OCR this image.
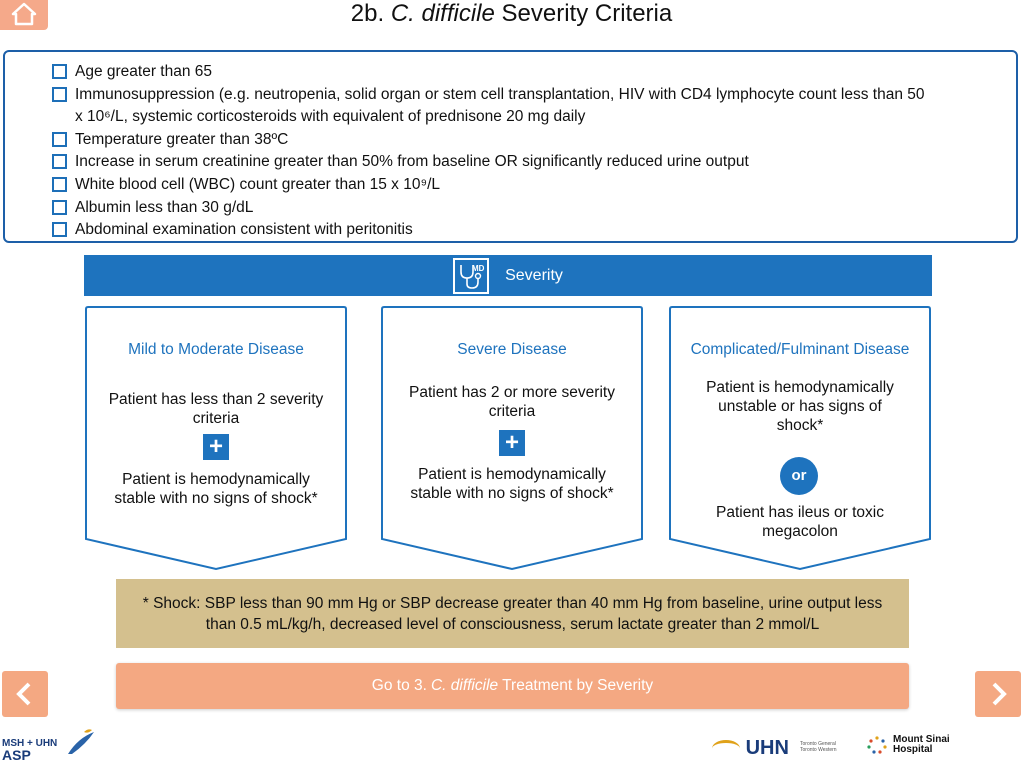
2b. C. difficile Severity Criteria
Age greater than 65
Immunosuppression (e.g. neutropenia, solid organ or stem cell transplantation, HIV with CD4 lymphocyte count less than 50 x 10⁶/L, systemic corticosteroids with equivalent of prednisone 20 mg daily
Temperature greater than 38ºC
Increase in serum creatinine greater than 50% from baseline OR significantly reduced urine output
White blood cell (WBC) count greater than 15 x 10⁹/L
Albumin less than 30 g/dL
Abdominal examination consistent with peritonitis
MD Severity
Mild to Moderate Disease
Patient has less than 2 severity criteria
+
Patient is hemodynamically stable with no signs of shock*
Severe Disease
Patient has 2 or more severity criteria
+
Patient is hemodynamically stable with no signs of shock*
Complicated/Fulminant Disease
Patient is hemodynamically unstable or has signs of shock*
or
Patient has ileus or toxic megacolon
* Shock: SBP less than 90 mm Hg or SBP decrease greater than 40 mm Hg from baseline, urine output less than 0.5 mL/kg/h, decreased level of consciousness, serum lactate greater than 2 mmol/L
Go to 3. C. difficile Treatment by Severity
MSH + UHN
ASP	UHN Toronto General Toronto Western
Mount Sinai
Hospital
